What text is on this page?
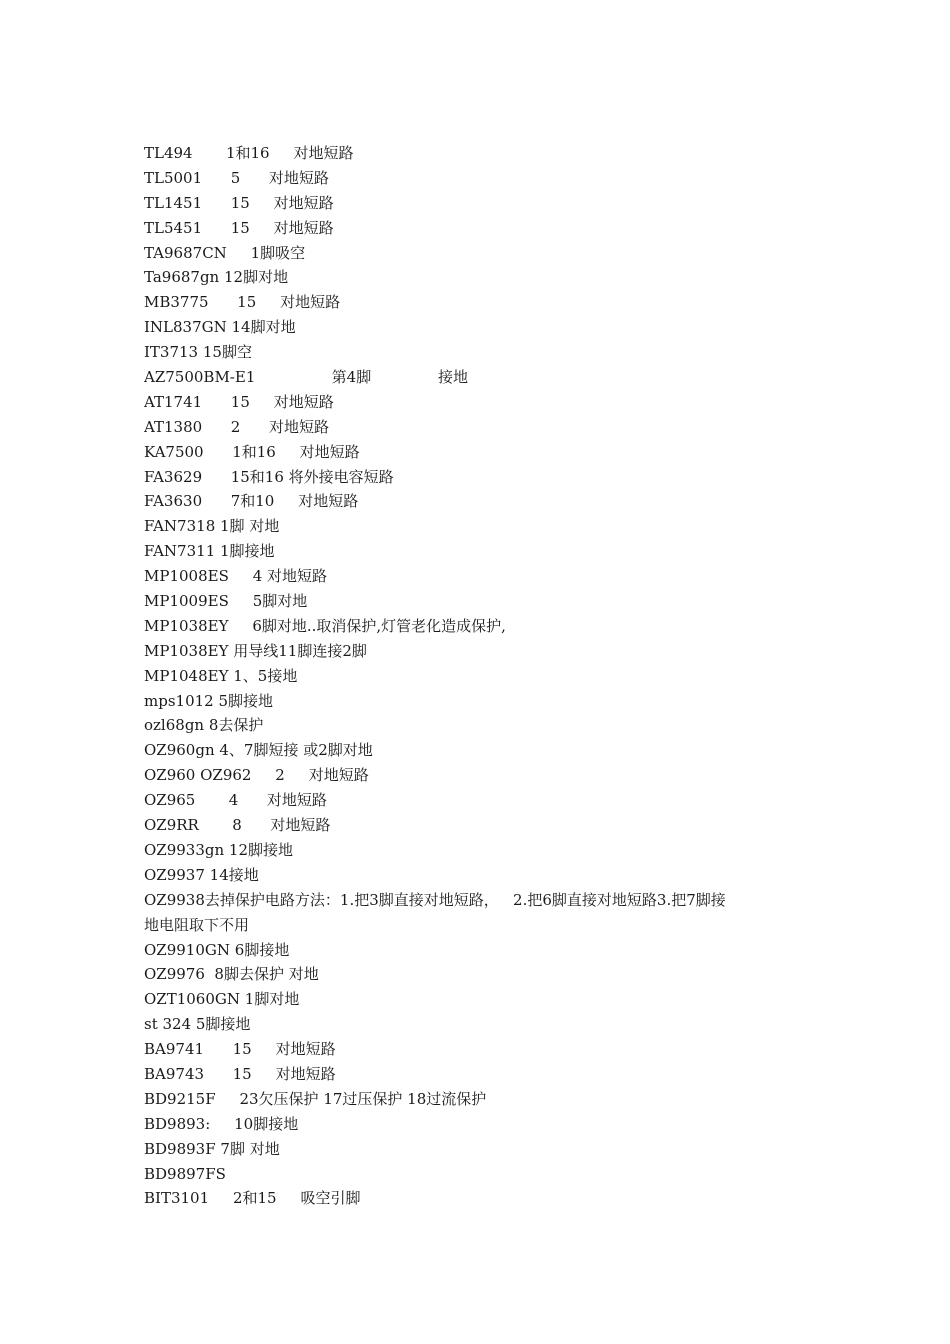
TL494       1和16     对地短路
TL5001      5      对地短路
TL1451      15     对地短路
TL5451      15     对地短路
TA9687CN     1脚吸空
Ta9687gn 12脚对地
MB3775      15     对地短路
INL837GN 14脚对地
IT3713 15脚空
AZ7500BM-E1                第4脚              接地
AT1741      15     对地短路
AT1380      2      对地短路
KA7500      1和16     对地短路
FA3629      15和16 将外接电容短路
FA3630      7和10     对地短路
FAN7318 1脚 对地
FAN7311 1脚接地
MP1008ES     4 对地短路
MP1009ES     5脚对地
MP1038EY     6脚对地..取消保护,灯管老化造成保护,
MP1038EY 用导线11脚连接2脚
MP1048EY 1、5接地
mps1012 5脚接地
ozl68gn 8去保护
OZ960gn 4、7脚短接 或2脚对地
OZ960 OZ962     2     对地短路
OZ965       4      对地短路
OZ9RR       8      对地短路
OZ9933gn 12脚接地
OZ9937 14接地
OZ9938去掉保护电路方法：1.把3脚直接对地短路，   2.把6脚直接对地短路3.把7脚接
地电阻取下不用
OZ9910GN 6脚接地
OZ9976  8脚去保护 对地
OZT1060GN 1脚对地
st 324 5脚接地
BA9741      15     对地短路
BA9743      15     对地短路
BD9215F     23欠压保护 17过压保护 18过流保护
BD9893:     10脚接地
BD9893F 7脚 对地
BD9897FS
BIT3101     2和15     吸空引脚
